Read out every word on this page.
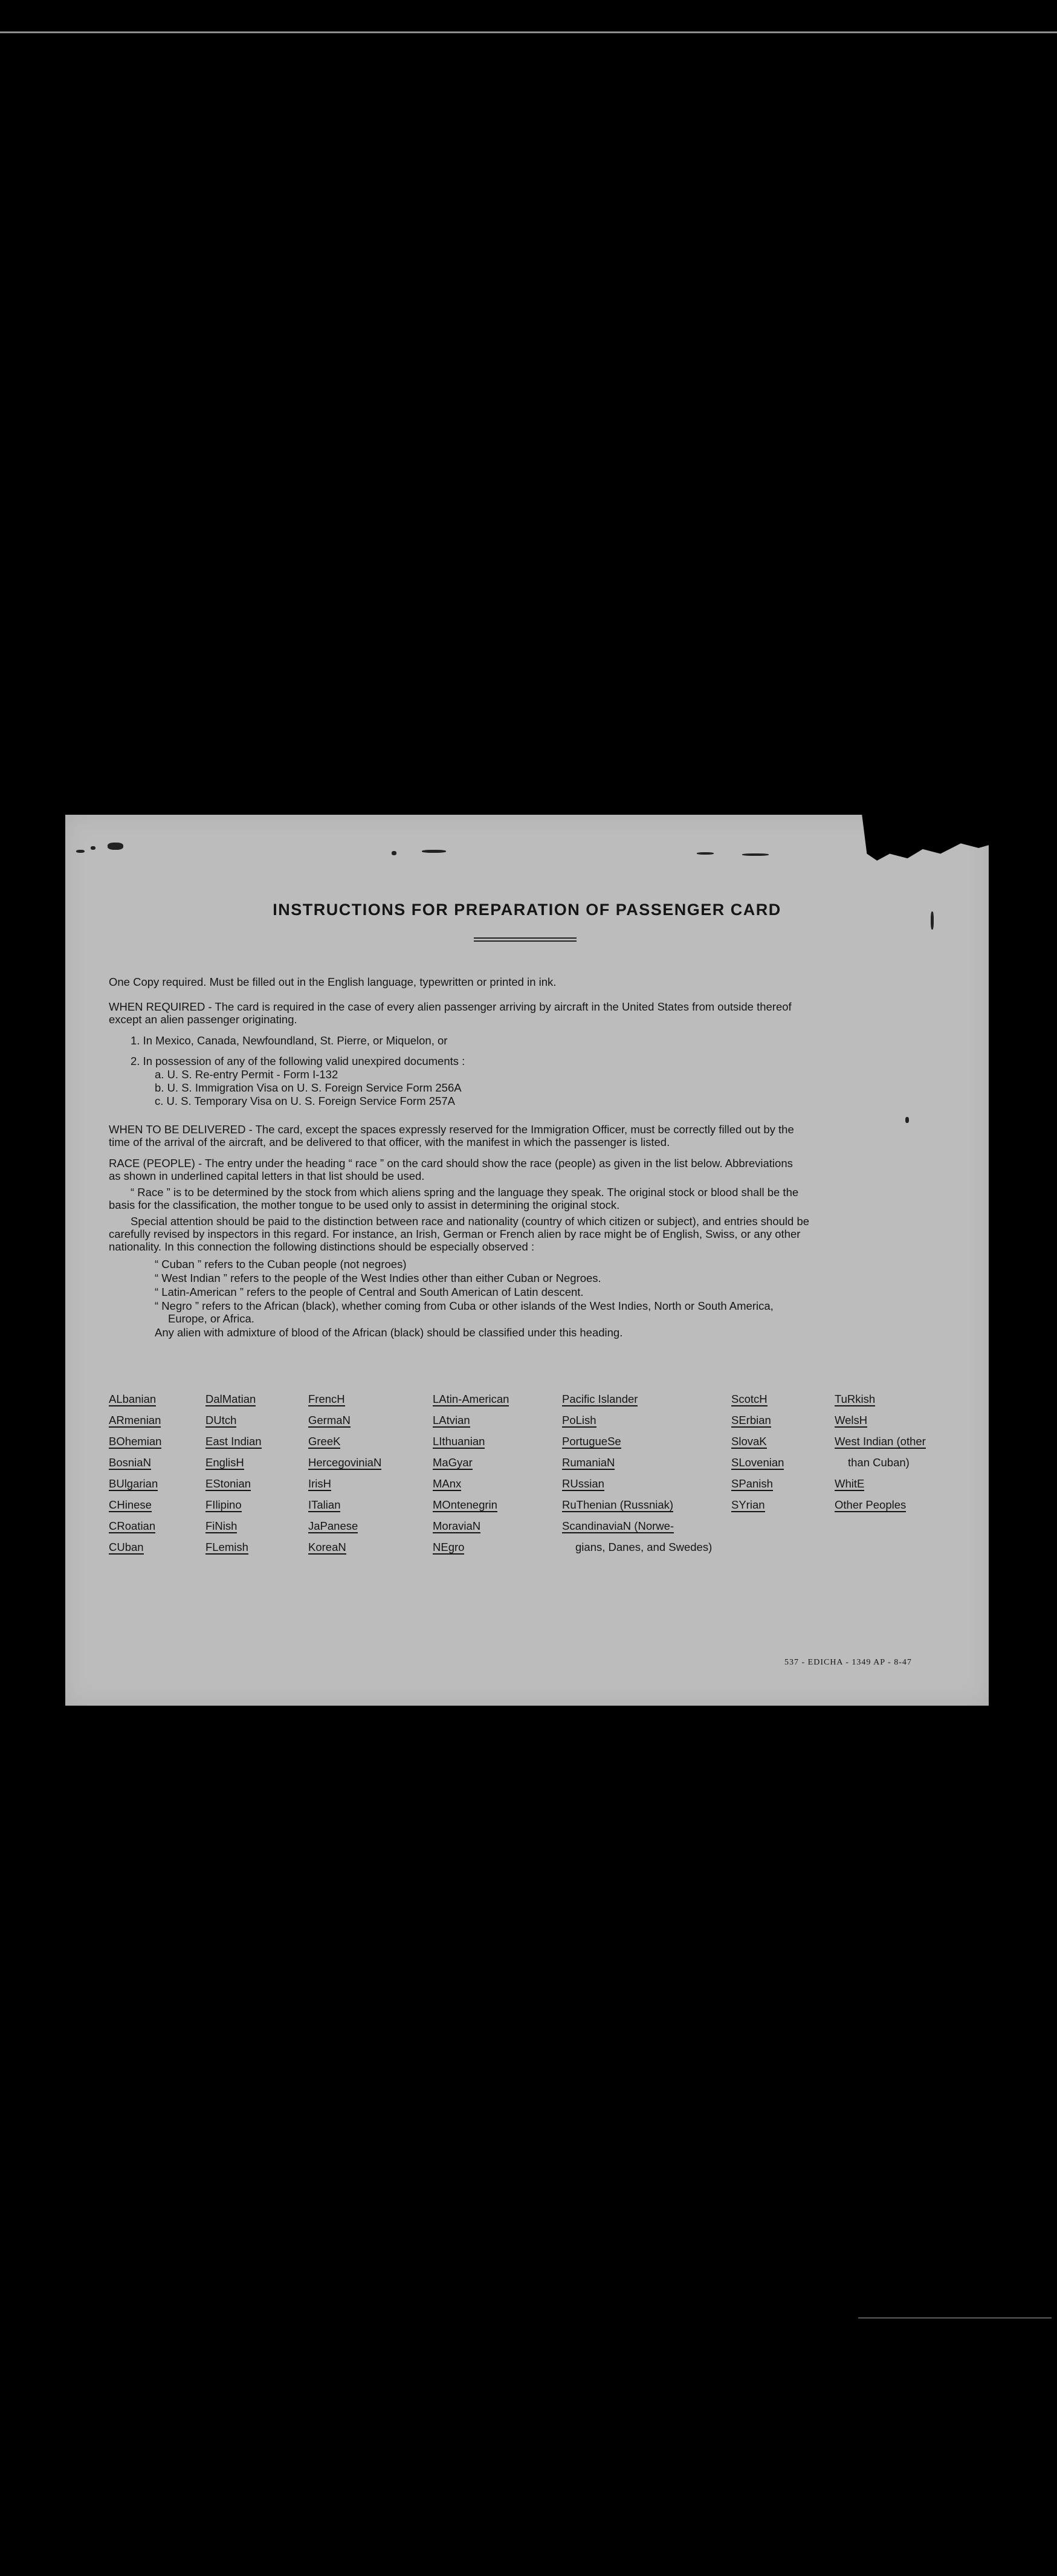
INSTRUCTIONS FOR PREPARATION OF PASSENGER CARD
One Copy required. Must be filled out in the English language, typewritten or printed in ink.
WHEN REQUIRED - The card is required in the case of every alien passenger arriving by aircraft in the United States from outside thereof
except an alien passenger originating.
1. In Mexico, Canada, Newfoundland, St. Pierre, or Miquelon, or
2. In possession of any of the following valid unexpired documents :
a. U. S. Re-entry Permit - Form I-132
b. U. S. Immigration Visa on U. S. Foreign Service Form 256A
c. U. S. Temporary Visa on U. S. Foreign Service Form 257A
WHEN TO BE DELIVERED - The card, except the spaces expressly reserved for the Immigration Officer, must be correctly filled out by the
time of the arrival of the aircraft, and be delivered to that officer, with the manifest in which the passenger is listed.
RACE (PEOPLE) - The entry under the heading “ race ” on the card should show the race (people) as given in the list below. Abbreviations
as shown in underlined capital letters in that list should be used.
“ Race ” is to be determined by the stock from which aliens spring and the language they speak. The original stock or blood shall be the
basis for the classification, the mother tongue to be used only to assist in determining the original stock.
Special attention should be paid to the distinction between race and nationality (country of which citizen or subject), and entries should be
carefully revised by inspectors in this regard. For instance, an Irish, German or French alien by race might be of English, Swiss, or any other
nationality. In this connection the following distinctions should be especially observed :
“ Cuban ” refers to the Cuban people (not negroes)
“ West Indian ” refers to the people of the West Indies other than either Cuban or Negroes.
“ Latin-American ” refers to the people of Central and South American of Latin descent.
“ Negro ” refers to the African (black), whether coming from Cuba or other islands of the West Indies, North or South America,
Europe, or Africa.
Any alien with admixture of blood of the African (black) should be classified under this heading.
ALbanian
ARmenian
BOhemian
BosniaN
BUlgarian
CHinese
CRoatian
CUban
DalMatian
DUtch
East Indian
EnglisH
EStonian
FIlipino
FiNish
FLemish
FrencH
GermaN
GreeK
HercegoviniaN
IrisH
ITalian
JaPanese
KoreaN
LAtin-American
LAtvian
LIthuanian
MaGyar
MAnx
MOntenegrin
MoraviaN
NEgro
Pacific Islander
PoLish
PortugueSe
RumaniaN
RUssian
RuThenian (Russniak)
ScandinaviaN (Norwe-
gians, Danes, and Swedes)
ScotcH
SErbian
SlovaK
SLovenian
SPanish
SYrian
TuRkish
WelsH
West Indian (other
than Cuban)
WhitE
Other Peoples
537 - EDICHA - 1349 AP - 8-47
